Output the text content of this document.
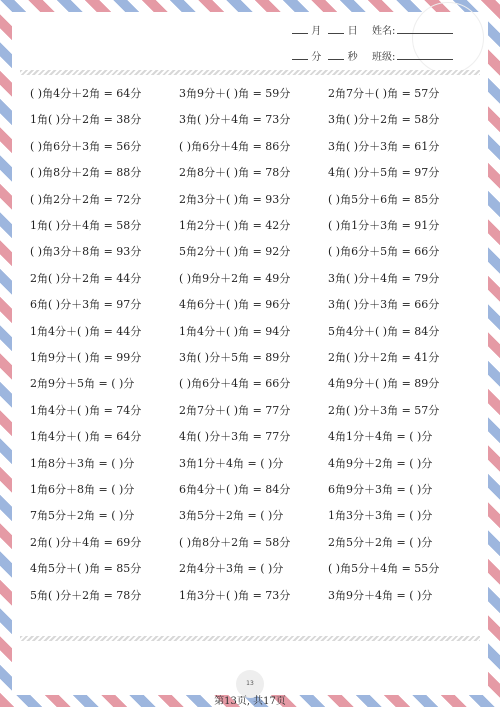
月	日
分	秒
姓名:
班级:
( )角4分＋2角 = 64分	3角9分＋( )角 = 59分	2角7分＋( )角 = 57分
1角( )分＋2角 = 38分	3角( )分＋4角 = 73分	3角( )分＋2角 = 58分
( )角6分＋3角 = 56分	( )角6分＋4角 = 86分	3角( )分＋3角 = 61分
( )角8分＋2角 = 88分	2角8分＋( )角 = 78分	4角( )分＋5角 = 97分
( )角2分＋2角 = 72分	2角3分＋( )角 = 93分	( )角5分＋6角 = 85分
1角( )分＋4角 = 58分	1角2分＋( )角 = 42分	( )角1分＋3角 = 91分
( )角3分＋8角 = 93分	5角2分＋( )角 = 92分	( )角6分＋5角 = 66分
2角( )分＋2角 = 44分	( )角9分＋2角 = 49分	3角( )分＋4角 = 79分
6角( )分＋3角 = 97分	4角6分＋( )角 = 96分	3角( )分＋3角 = 66分
1角4分＋( )角 = 44分	1角4分＋( )角 = 94分	5角4分＋( )角 = 84分
1角9分＋( )角 = 99分	3角( )分＋5角 = 89分	2角( )分＋2角 = 41分
2角9分＋5角 = ( )分	( )角6分＋4角 = 66分	4角9分＋( )角 = 89分
1角4分＋( )角 = 74分	2角7分＋( )角 = 77分	2角( )分＋3角 = 57分
1角4分＋( )角 = 64分	4角( )分＋3角 = 77分	4角1分＋4角 = ( )分
1角8分＋3角 = ( )分	3角1分＋4角 = ( )分	4角9分＋2角 = ( )分
1角6分＋8角 = ( )分	6角4分＋( )角 = 84分	6角9分＋3角 = ( )分
7角5分＋2角 = ( )分	3角5分＋2角 = ( )分	1角3分＋3角 = ( )分
2角( )分＋4角 = 69分	( )角8分＋2角 = 58分	2角5分＋2角 = ( )分
4角5分＋( )角 = 85分	2角4分＋3角 = ( )分	( )角5分＋4角 = 55分
5角( )分＋2角 = 78分	1角3分＋( )角 = 73分	3角9分＋4角 = ( )分
13
第13页, 共17页
